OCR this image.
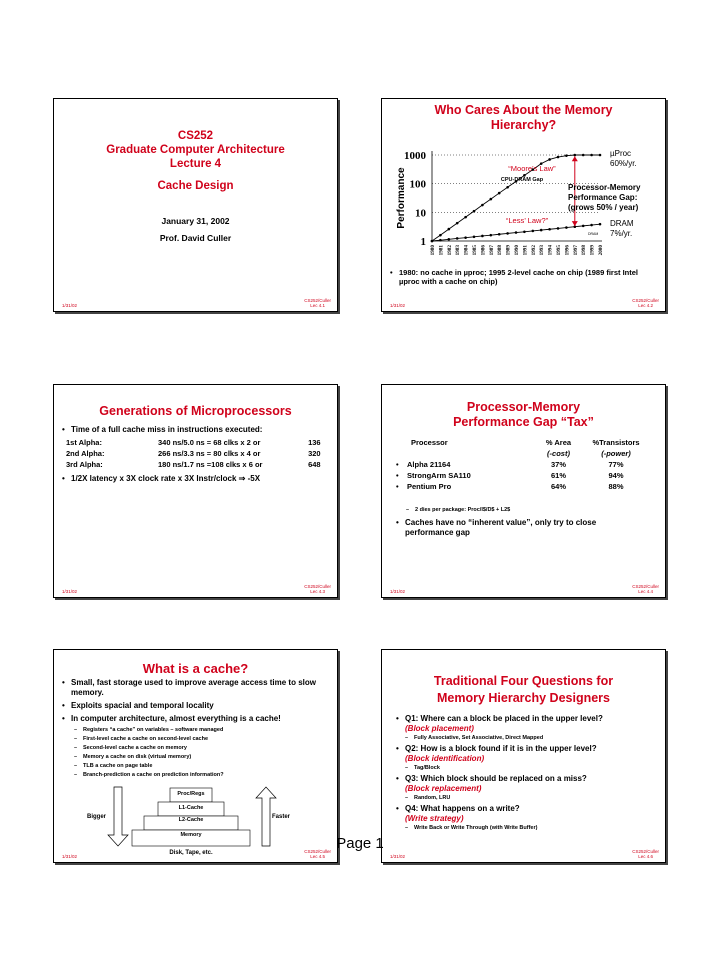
CS252
Graduate Computer Architecture
Lecture 4
Cache Design
January 31, 2002
Prof. David Culler
1/31/02
CS252/Culler
Lec 4.1
Who Cares About the Memory
Hierarchy?
1
10
100
1000
Performance
1980 1981 1982 1983 1984 1985 1986 1987 1988 1989 1990 1991 1992 1993 1994 1995 1996 1997 1998 1999 2000
“Moore’s Law”
CPU-DRAM Gap
“Less’ Law?”
µProc
60%/yr.
Processor-Memory
Performance Gap:
(grows 50% / year)
DRAM
7%/yr.
DRAM
• 1980: no cache in µproc; 1995 2-level cache on chip (1989 first Intel µproc with a cache on chip)
1/31/02
CS252/Culler
Lec 4.2
Generations of Microprocessors
• Time of a full cache miss in instructions executed:
1st Alpha:	340 ns/5.0 ns = 68 clks x 2 or	136
2nd Alpha:	266 ns/3.3 ns = 80 clks x 4 or	320
3rd Alpha:	180 ns/1.7 ns =108 clks x 6 or	648
• 1/2X latency x 3X clock rate x 3X Instr/clock ⇒ -5X
1/31/02
CS252/Culler
Lec 4.3
Processor-Memory
Performance Gap “Tax”
Processor	% Area	%Transistors
	(-cost)	(-power)
• Alpha 21164	37%	77%
• StrongArm SA110	61%	94%
• Pentium Pro	64%	88%
– 2 dies per package: Proc/I$/D$ + L2$
• Caches have no “inherent value”, only try to close performance gap
1/31/02
CS252/Culler
Lec 4.4
What is a cache?
• Small, fast storage used to improve average access time to slow memory.
• Exploits spacial and temporal locality
• In computer architecture, almost everything is a cache!
– Registers “a cache” on variables – software managed
– First-level cache a cache on second-level cache
– Second-level cache a cache on memory
– Memory a cache on disk (virtual memory)
– TLB a cache on page table
– Branch-prediction a cache on prediction information?
Proc/Regs
L1-Cache
L2-Cache
Memory
Disk, Tape, etc.
Bigger	Faster
1/31/02
CS252/Culler
Lec 4.5
Traditional Four Questions for
Memory Hierarchy Designers
• Q1: Where can a block be placed in the upper level?
(Block placement)
– Fully Associative, Set Associative, Direct Mapped
• Q2: How is a block found if it is in the upper level?
(Block identification)
– Tag/Block
• Q3: Which block should be replaced on a miss?
(Block replacement)
– Random, LRU
• Q4: What happens on a write?
(Write strategy)
– Write Back or Write Through (with Write Buffer)
1/31/02
CS252/Culler
Lec 4.6
Page 1
